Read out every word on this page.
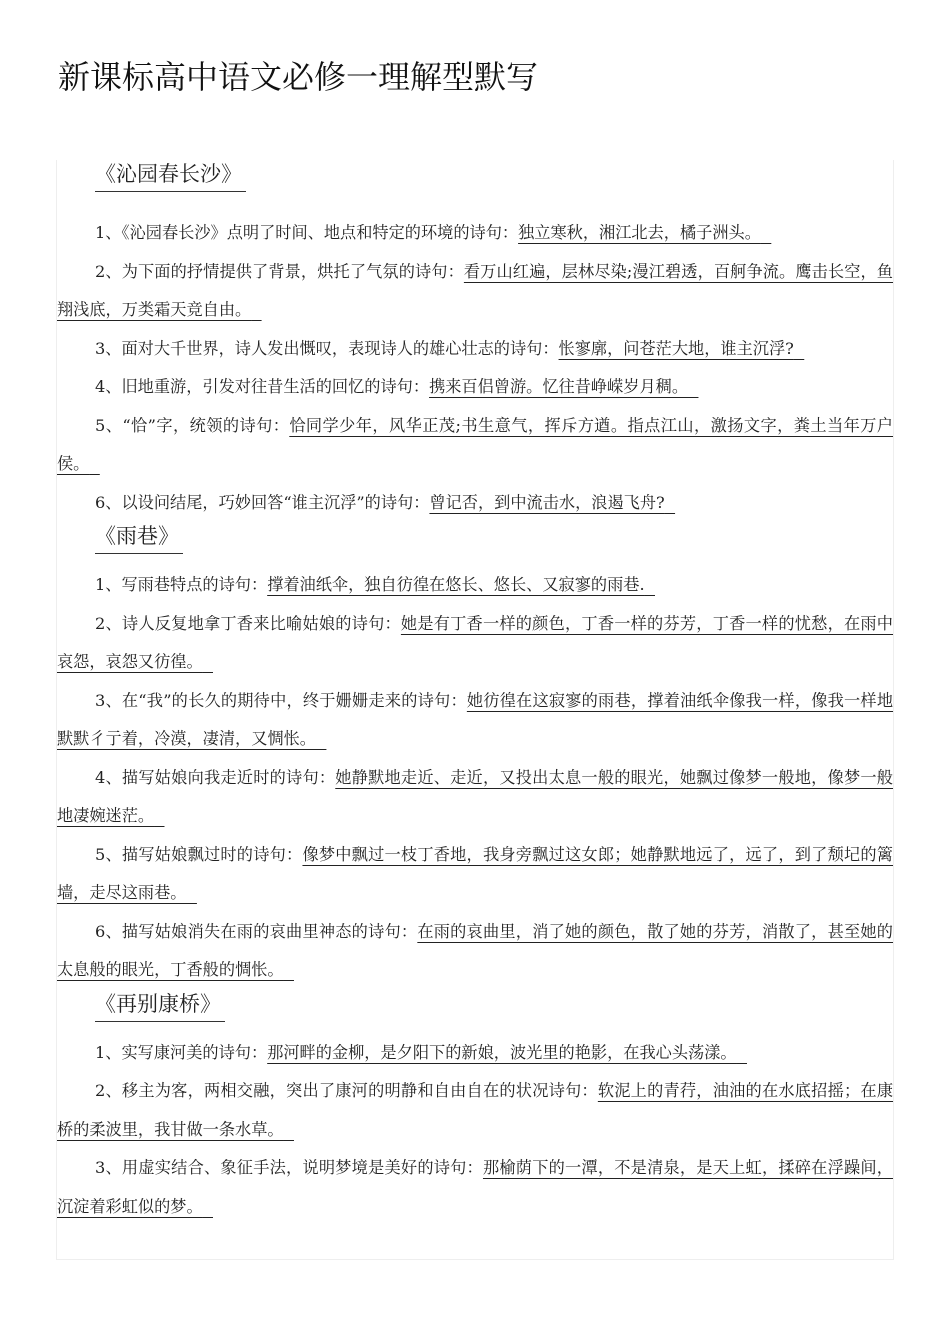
新课标高中语文必修一理解型默写
《沁园春长沙》
1、《沁园春长沙》点明了时间、地点和特定的环境的诗句：独立寒秋，湘江北去，橘子洲头。
2、为下面的抒情提供了背景，烘托了气氛的诗句：看万山红遍，层林尽染;漫江碧透，百舸争流。鹰击长空，鱼翔浅底，万类霜天竞自由。
3、面对大千世界，诗人发出慨叹，表现诗人的雄心壮志的诗句：怅寥廓，问苍茫大地，谁主沉浮?
4、旧地重游，引发对往昔生活的回忆的诗句：携来百侣曾游。忆往昔峥嵘岁月稠。
5、“恰”字，统领的诗句：恰同学少年，风华正茂;书生意气，挥斥方遒。指点江山，激扬文字，粪土当年万户侯。
6、以设问结尾，巧妙回答“谁主沉浮”的诗句：曾记否，到中流击水，浪遏飞舟?
《雨巷》
1、写雨巷特点的诗句：撑着油纸伞，独自彷徨在悠长、悠长、又寂寥的雨巷.
2、诗人反复地拿丁香来比喻姑娘的诗句：她是有丁香一样的颜色，丁香一样的芬芳，丁香一样的忧愁，在雨中哀怨，哀怨又彷徨。
3、在“我”的长久的期待中，终于姗姗走来的诗句：她彷徨在这寂寥的雨巷，撑着油纸伞像我一样，像我一样地默默彳亍着，冷漠，凄清，又惆怅。
4、描写姑娘向我走近时的诗句：她静默地走近、走近，又投出太息一般的眼光，她飘过像梦一般地，像梦一般地凄婉迷茫。
5、描写姑娘飘过时的诗句：像梦中飘过一枝丁香地，我身旁飘过这女郎；她静默地远了，远了，到了颓圮的篱墙，走尽这雨巷。
6、描写姑娘消失在雨的哀曲里神态的诗句：在雨的哀曲里，消了她的颜色，散了她的芬芳，消散了，甚至她的太息般的眼光，丁香般的惆怅。
《再别康桥》
1、实写康河美的诗句：那河畔的金柳，是夕阳下的新娘，波光里的艳影，在我心头荡漾。
2、移主为客，两相交融，突出了康河的明静和自由自在的状况诗句：软泥上的青荇，油油的在水底招摇；在康桥的柔波里，我甘做一条水草。
3、用虚实结合、象征手法，说明梦境是美好的诗句：那榆荫下的一潭，不是清泉，是天上虹，揉碎在浮躁间，沉淀着彩虹似的梦。
